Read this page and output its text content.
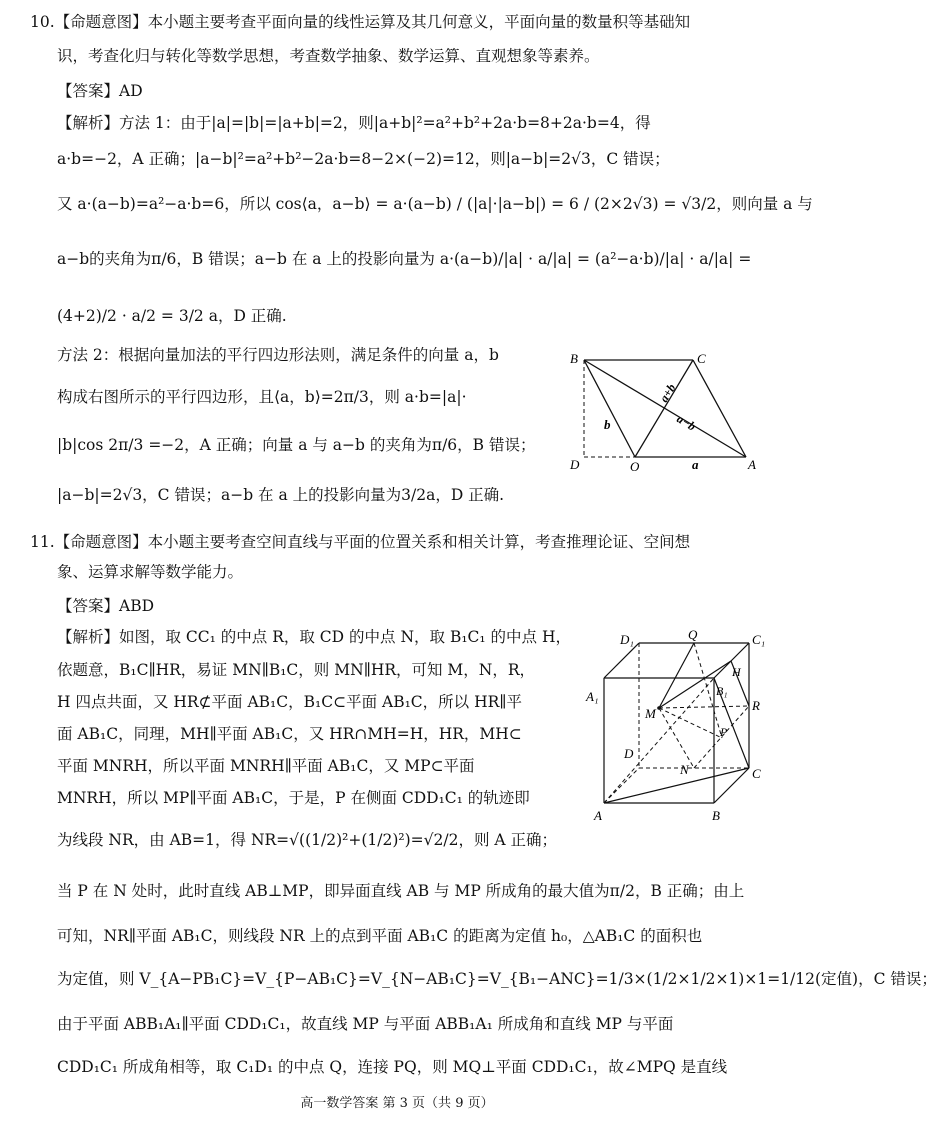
10.【命题意图】本小题主要考查平面向量的线性运算及其几何意义，平面向量的数量积等基础知
识，考查化归与转化等数学思想，考查数学抽象、数学运算、直观想象等素养。
【答案】AD
【解析】方法 1：由于|a|=|b|=|a+b|=2，则|a+b|²=a²+b²+2a·b=8+2a·b=4，得
a·b=−2，A 正确；|a−b|²=a²+b²−2a·b=8−2×(−2)=12，则|a−b|=2√3，C 错误；
又 a·(a−b)=a²−a·b=6，所以 cos⟨a，a−b⟩ = a·(a−b) / (|a|·|a−b|) = 6 / (2×2√3) = √3/2，则向量 a 与
a−b的夹角为π/6，B 错误；a−b 在 a 上的投影向量为 a·(a−b)/|a| · a/|a| = (a²−a·b)/|a| · a/|a| =
(4+2)/2 · a/2 = 3/2 a，D 正确.
方法 2：根据向量加法的平行四边形法则，满足条件的向量 a，b
构成右图所示的平行四边形，且⟨a，b⟩=2π/3，则 a·b=|a|·
|b|cos 2π/3 =−2，A 正确；向量 a 与 a−b 的夹角为π/6，B 错误；
|a−b|=2√3，C 错误；a−b 在 a 上的投影向量为3/2a，D 正确.
B	C
D	O	A
a
b
a+b
a−b
11.【命题意图】本小题主要考查空间直线与平面的位置关系和相关计算，考查推理论证、空间想
象、运算求解等数学能力。
【答案】ABD
【解析】如图，取 CC₁ 的中点 R，取 CD 的中点 N，取 B₁C₁ 的中点 H，
依题意，B₁C∥HR，易证 MN∥B₁C，则 MN∥HR，可知 M，N，R，
H 四点共面，又 HR⊄平面 AB₁C，B₁C⊂平面 AB₁C，所以 HR∥平
面 AB₁C，同理，MH∥平面 AB₁C，又 HR∩MH=H，HR，MH⊂
平面 MNRH，所以平面 MNRH∥平面 AB₁C，又 MP⊂平面
MNRH，所以 MP∥平面 AB₁C，于是，P 在侧面 CDD₁C₁ 的轨迹即
为线段 NR，由 AB=1，得 NR=√((1/2)²+(1/2)²)=√2/2，则 A 正确；
当 P 在 N 处时，此时直线 AB⊥MP，即异面直线 AB 与 MP 所成角的最大值为π/2，B 正确；由上
可知，NR∥平面 AB₁C，则线段 NR 上的点到平面 AB₁C 的距离为定值 h₀，△AB₁C 的面积也
为定值，则 V_{A−PB₁C}=V_{P−AB₁C}=V_{N−AB₁C}=V_{B₁−ANC}=1/3×(1/2×1/2×1)×1=1/12(定值)，C 错误；
由于平面 ABB₁A₁∥平面 CDD₁C₁，故直线 MP 与平面 ABB₁A₁ 所成角和直线 MP 与平面
CDD₁C₁ 所成角相等，取 C₁D₁ 的中点 Q，连接 PQ，则 MQ⊥平面 CDD₁C₁，故∠MPQ 是直线
D₁	Q	C₁
A₁
H
B₁
M
R
P
D
N	C
A	B
高一数学答案 第 3 页（共 9 页）
